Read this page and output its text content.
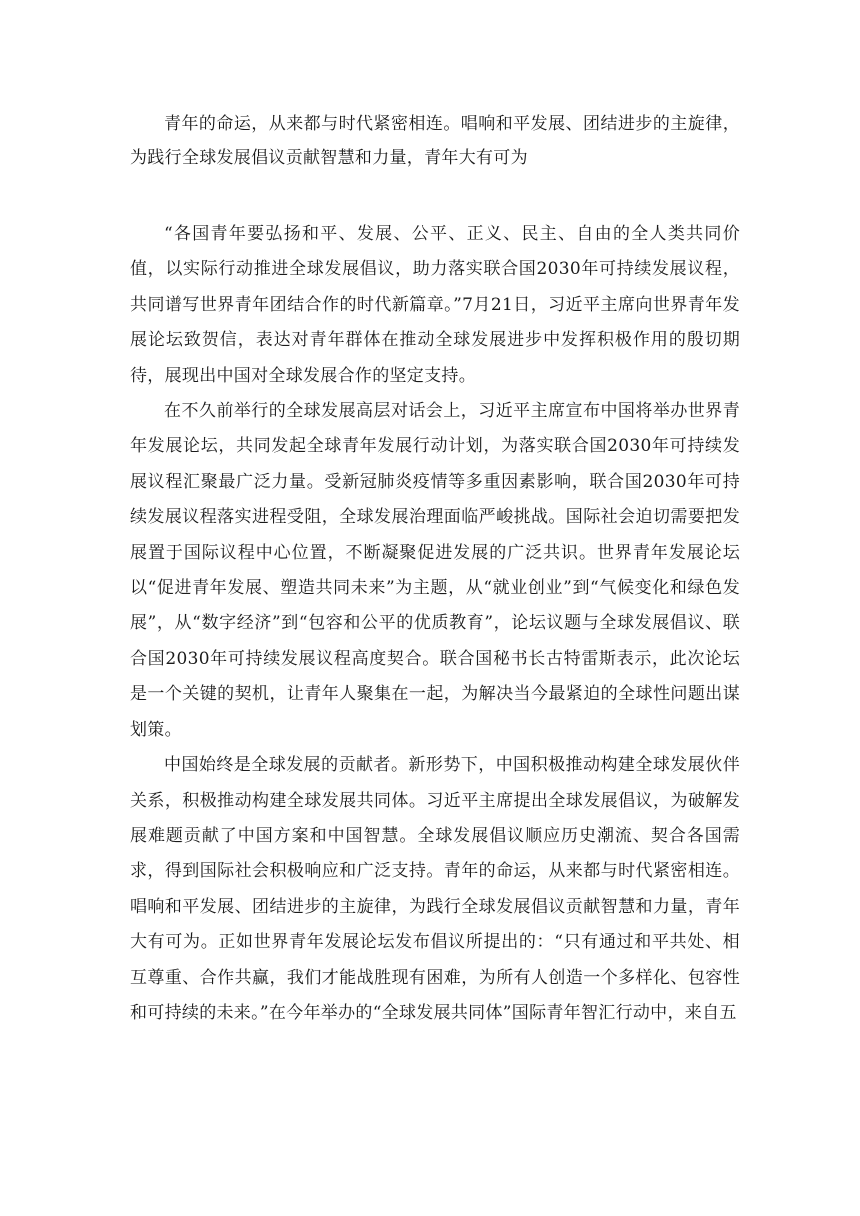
青年的命运，从来都与时代紧密相连。唱响和平发展、团结进步的主旋律，为践行全球发展倡议贡献智慧和力量，青年大有可为

“各国青年要弘扬和平、发展、公平、正义、民主、自由的全人类共同价值，以实际行动推进全球发展倡议，助力落实联合国2030年可持续发展议程，共同谱写世界青年团结合作的时代新篇章。”7月21日，习近平主席向世界青年发展论坛致贺信，表达对青年群体在推动全球发展进步中发挥积极作用的殷切期待，展现出中国对全球发展合作的坚定支持。

在不久前举行的全球发展高层对话会上，习近平主席宣布中国将举办世界青年发展论坛，共同发起全球青年发展行动计划，为落实联合国2030年可持续发展议程汇聚最广泛力量。受新冠肺炎疫情等多重因素影响，联合国2030年可持续发展议程落实进程受阻，全球发展治理面临严峻挑战。国际社会迫切需要把发展置于国际议程中心位置，不断凝聚促进发展的广泛共识。世界青年发展论坛以“促进青年发展、塑造共同未来”为主题，从“就业创业”到“气候变化和绿色发展”，从“数字经济”到“包容和公平的优质教育”，论坛议题与全球发展倡议、联合国2030年可持续发展议程高度契合。联合国秘书长古特雷斯表示，此次论坛是一个关键的契机，让青年人聚集在一起，为解决当今最紧迫的全球性问题出谋划策。

中国始终是全球发展的贡献者。新形势下，中国积极推动构建全球发展伙伴关系，积极推动构建全球发展共同体。习近平主席提出全球发展倡议，为破解发展难题贡献了中国方案和中国智慧。全球发展倡议顺应历史潮流、契合各国需求，得到国际社会积极响应和广泛支持。青年的命运，从来都与时代紧密相连。唱响和平发展、团结进步的主旋律，为践行全球发展倡议贡献智慧和力量，青年大有可为。正如世界青年发展论坛发布倡议所提出的：“只有通过和平共处、相互尊重、合作共赢，我们才能战胜现有困难，为所有人创造一个多样化、包容性和可持续的未来。”在今年举办的“全球发展共同体”国际青年智汇行动中，来自五
